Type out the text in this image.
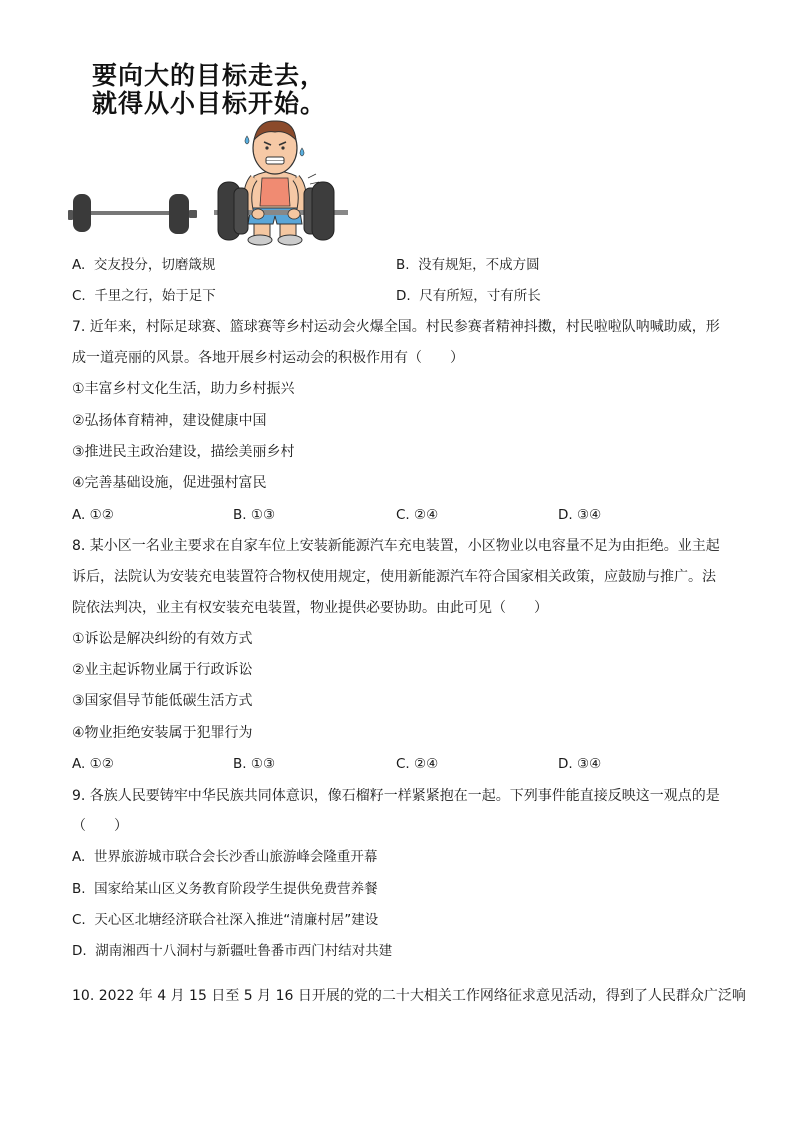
要向大的目标走去，
就得从小目标开始。
A. 交友投分，切磨箴规	B. 没有规矩，不成方圆
C. 千里之行，始于足下	D. 尺有所短，寸有所长
7. 近年来，村际足球赛、篮球赛等乡村运动会火爆全国。村民参赛者精神抖擞，村民啦啦队呐喊助威，形
成一道亮丽的风景。各地开展乡村运动会的积极作用有（　　）
①丰富乡村文化生活，助力乡村振兴
②弘扬体育精神，建设健康中国
③推进民主政治建设，描绘美丽乡村
④完善基础设施，促进强村富民
A. ①②	B. ①③	C. ②④	D. ③④
8. 某小区一名业主要求在自家车位上安装新能源汽车充电装置，小区物业以电容量不足为由拒绝。业主起
诉后，法院认为安装充电装置符合物权使用规定，使用新能源汽车符合国家相关政策，应鼓励与推广。法
院依法判决，业主有权安装充电装置，物业提供必要协助。由此可见（　　）
①诉讼是解决纠纷的有效方式
②业主起诉物业属于行政诉讼
③国家倡导节能低碳生活方式
④物业拒绝安装属于犯罪行为
A. ①②	B. ①③	C. ②④	D. ③④
9. 各族人民要铸牢中华民族共同体意识，像石榴籽一样紧紧抱在一起。下列事件能直接反映这一观点的是
（　　）
A. 世界旅游城市联合会长沙香山旅游峰会隆重开幕
B. 国家给某山区义务教育阶段学生提供免费营养餐
C. 天心区北塘经济联合社深入推进“清廉村居”建设
D. 湖南湘西十八洞村与新疆吐鲁番市西门村结对共建
10. 2022 年 4 月 15 日至 5 月 16 日开展的党的二十大相关工作网络征求意见活动，得到了人民群众广泛响
